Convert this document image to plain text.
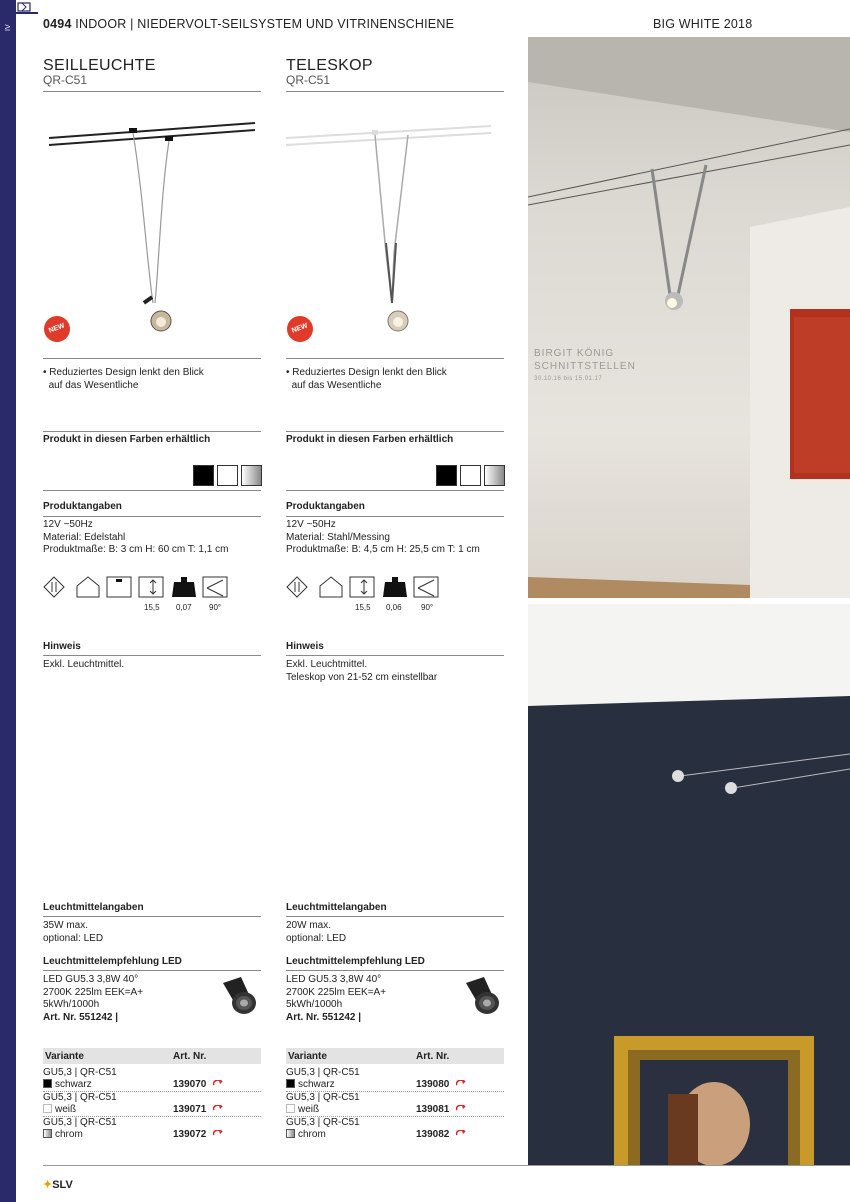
IV 0494 INDOOR | NIEDERVOLT-SEILSYSTEM UND VITRINENSCHIENE	BIG WHITE 2018
SEILLEUCHTE
QR-C51
NEW
• Reduziertes Design lenkt den Blick
auf das Wesentliche
Produkt in diesen Farben erhältlich
Produktangaben
12V ~50Hz
Material: Edelstahl
Produktmaße: B: 3 cm H: 60 cm T: 1,1 cm
15,5 0,07 90°
Hinweis
Exkl. Leuchtmittel.
Leuchtmittelangaben
35W max.
optional: LED
Leuchtmittelempfehlung LED
LED GU5.3 3,8W 40°
2700K 225lm EEK=A+
5kWh/1000h
Art. Nr. 551242 |
Variante	Art. Nr.
GU5,3 | QR-C51
schwarz	139070
GU5,3 | QR-C51
weiß	139071
GU5,3 | QR-C51
chrom	139072
TELESKOP
QR-C51
NEW
• Reduziertes Design lenkt den Blick
auf das Wesentliche
Produkt in diesen Farben erhältlich
Produktangaben
12V ~50Hz
Material: Stahl/Messing
Produktmaße: B: 4,5 cm H: 25,5 cm T: 1 cm
15,5 0,06 90°
Hinweis
Exkl. Leuchtmittel.
Teleskop von 21-52 cm einstellbar
Leuchtmittelangaben
20W max.
optional: LED
Leuchtmittelempfehlung LED
LED GU5.3 3,8W 40°
2700K 225lm EEK=A+
5kWh/1000h
Art. Nr. 551242 |
Variante	Art. Nr.
GU5,3 | QR-C51
schwarz	139080
GU5,3 | QR-C51
weiß	139081
GU5,3 | QR-C51
chrom	139082
BIRGIT KÖNIG
SCHNITTSTELLEN
30.10.16 bis 15.01.17
✦SLV
